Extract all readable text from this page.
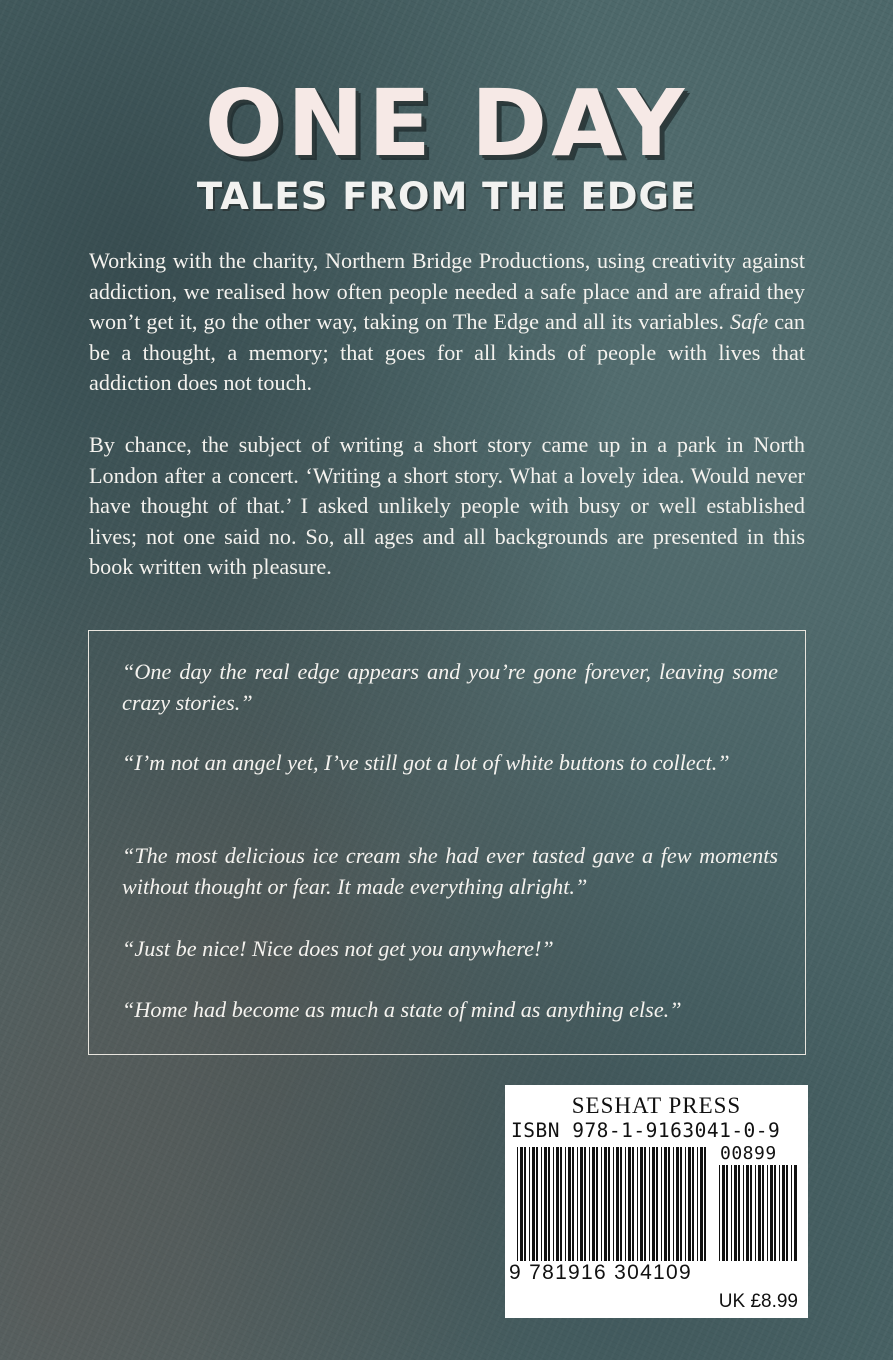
ONE DAY
TALES FROM THE EDGE

Working with the charity, Northern Bridge Productions, using creativity against addiction, we realised how often people needed a safe place and are afraid they won’t get it, go the other way, taking on The Edge and all its variables. Safe can be a thought, a memory; that goes for all kinds of people with lives that addiction does not touch.

By chance, the subject of writing a short story came up in a park in North London after a concert. ‘Writing a short story. What a lovely idea. Would never have thought of that.’ I asked unlikely people with busy or well established lives; not one said no. So, all ages and all backgrounds are presented in this book written with pleasure.

“One day the real edge appears and you’re gone forever, leaving some crazy stories.”

“I’m not an angel yet, I’ve still got a lot of white buttons to collect.”

“The most delicious ice cream she had ever tasted gave a few moments without thought or fear. It made everything alright.”

“Just be nice! Nice does not get you anywhere!”

“Home had become as much a state of mind as anything else.”

SESHAT PRESS
ISBN 978-1-9163041-0-9
00899
9 781916 304109
UK £8.99
